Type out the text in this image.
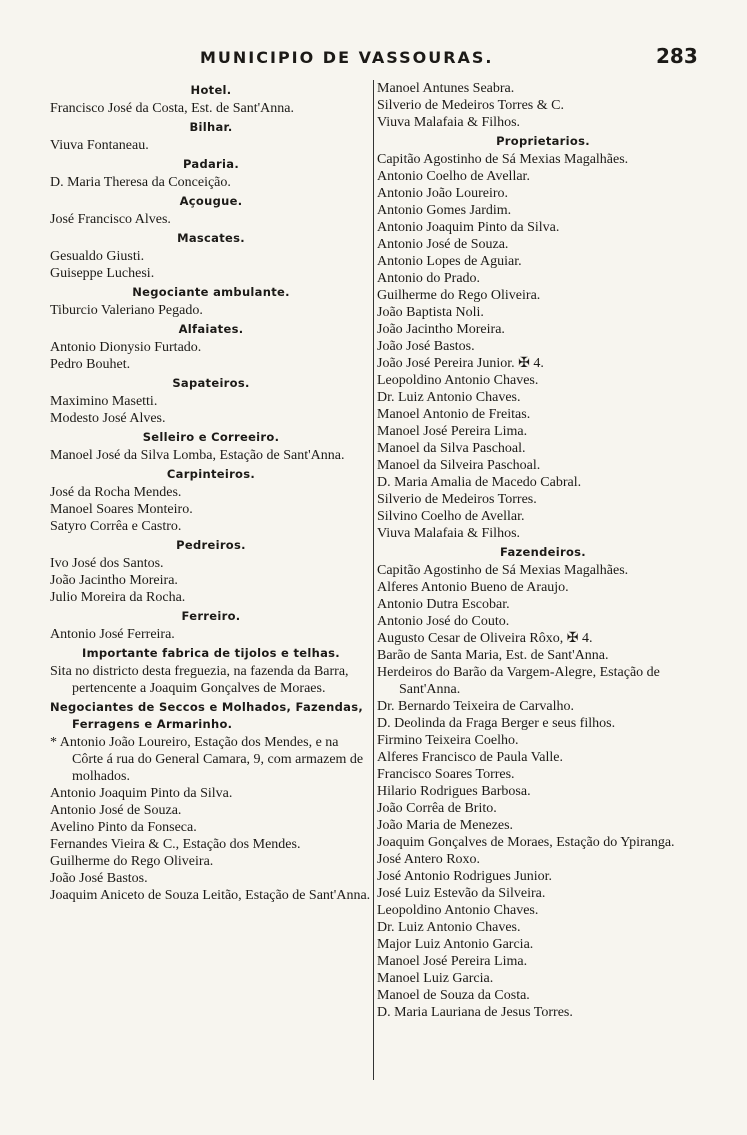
MUNICIPIO DE VASSOURAS.	283

Hotel.

Francisco José da Costa, Est. de Sant'Anna.

Bilhar.

Viuva Fontaneau.

Padaria.

D. Maria Theresa da Conceição.

Açougue.

José Francisco Alves.

Mascates.

Gesualdo Giusti.

Guiseppe Luchesi.

Negociante ambulante.

Tiburcio Valeriano Pegado.

Alfaiates.

Antonio Dionysio Furtado.

Pedro Bouhet.

Sapateiros.

Maximino Masetti.

Modesto José Alves.

Selleiro e Correeiro.

Manoel José da Silva Lomba, Estação de Sant'Anna.

Carpinteiros.

José da Rocha Mendes.

Manoel Soares Monteiro.

Satyro Corrêa e Castro.

Pedreiros.

Ivo José dos Santos.

João Jacintho Moreira.

Julio Moreira da Rocha.

Ferreiro.

Antonio José Ferreira.

Importante fabrica de tijolos e telhas.

Sita no districto desta freguezia, na fazenda da Barra, pertencente a Joaquim Gonçalves de Moraes.

Negociantes de Seccos e Molhados, Fazendas, Ferragens e Armarinho.

* Antonio João Loureiro, Estação dos Mendes, e na Côrte á rua do General Camara, 9, com armazem de molhados.

Antonio Joaquim Pinto da Silva.

Antonio José de Souza.

Avelino Pinto da Fonseca.

Fernandes Vieira & C., Estação dos Mendes.

Guilherme do Rego Oliveira.

João José Bastos.

Joaquim Aniceto de Souza Leitão, Estação de Sant'Anna.

Manoel Antunes Seabra.

Silverio de Medeiros Torres & C.

Viuva Malafaia & Filhos.

Proprietarios.

Capitão Agostinho de Sá Mexias Magalhães.

Antonio Coelho de Avellar.

Antonio João Loureiro.

Antonio Gomes Jardim.

Antonio Joaquim Pinto da Silva.

Antonio José de Souza.

Antonio Lopes de Aguiar.

Antonio do Prado.

Guilherme do Rego Oliveira.

João Baptista Noli.

João Jacintho Moreira.

João José Bastos.

João José Pereira Junior. ✠ 4.

Leopoldino Antonio Chaves.

Dr. Luiz Antonio Chaves.

Manoel Antonio de Freitas.

Manoel José Pereira Lima.

Manoel da Silva Paschoal.

Manoel da Silveira Paschoal.

D. Maria Amalia de Macedo Cabral.

Silverio de Medeiros Torres.

Silvino Coelho de Avellar.

Viuva Malafaia & Filhos.

Fazendeiros.

Capitão Agostinho de Sá Mexias Magalhães.

Alferes Antonio Bueno de Araujo.

Antonio Dutra Escobar.

Antonio José do Couto.

Augusto Cesar de Oliveira Rôxo, ✠ 4.

Barão de Santa Maria, Est. de Sant'Anna.

Herdeiros do Barão da Vargem-Alegre, Estação de Sant'Anna.

Dr. Bernardo Teixeira de Carvalho.

D. Deolinda da Fraga Berger e seus filhos.

Firmino Teixeira Coelho.

Alferes Francisco de Paula Valle.

Francisco Soares Torres.

Hilario Rodrigues Barbosa.

João Corrêa de Brito.

João Maria de Menezes.

Joaquim Gonçalves de Moraes, Estação do Ypiranga.

José Antero Roxo.

José Antonio Rodrigues Junior.

José Luiz Estevão da Silveira.

Leopoldino Antonio Chaves.

Dr. Luiz Antonio Chaves.

Major Luiz Antonio Garcia.

Manoel José Pereira Lima.

Manoel Luiz Garcia.

Manoel de Souza da Costa.

D. Maria Lauriana de Jesus Torres.
